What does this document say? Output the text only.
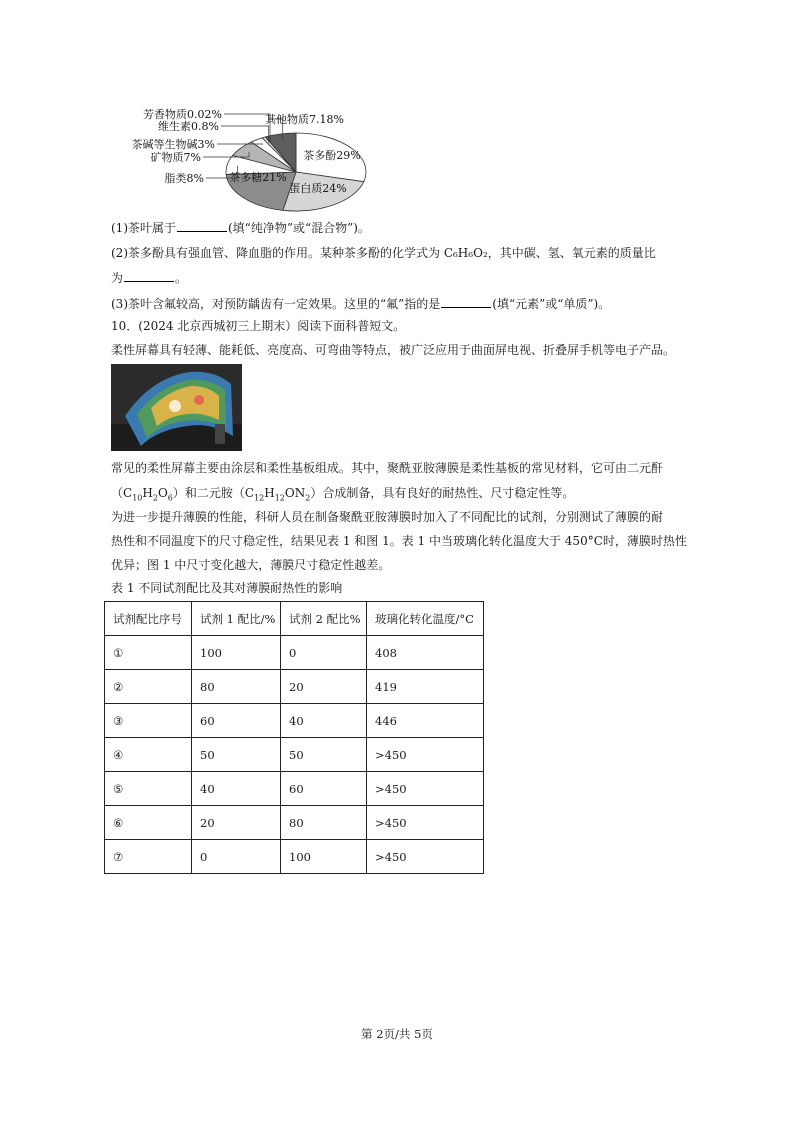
茶多酚29%
蛋白质24%
茶多糖21%
脂类8%
矿物质7%
茶碱等生物碱3%
维生素0.8%
芳香物质0.02%	其他物质7.18%
(1)茶叶属于	(填“纯净物”或“混合物”)。
(2)茶多酚具有强血管、降血脂的作用。某种茶多酚的化学式为 C₆H₆O₂，其中碳、氢、氧元素的质量比
为	。
(3)茶叶含氟较高，对预防龋齿有一定效果。这里的“氟”指的是	(填“元素”或“单质”)。
10．(2024 北京西城初三上期末）阅读下面科普短文。
柔性屏幕具有轻薄、能耗低、亮度高、可弯曲等特点，被广泛应用于曲面屏电视、折叠屏手机等电子产品。
常见的柔性屏幕主要由涂层和柔性基板组成。其中，聚酰亚胺薄膜是柔性基板的常见材料，它可由二元酐
$(C_{10}H_2O_6)$和二元胺$(C_{12}H_{12}ON_2)$合成制备，具有良好的耐热性、尺寸稳定性等。
为进一步提升薄膜的性能，科研人员在制备聚酰亚胺薄膜时加入了不同配比的试剂，分别测试了薄膜的耐
热性和不同温度下的尺寸稳定性，结果见表 1 和图 1。表 1 中当玻璃化转化温度大于 450°C时，薄膜时热性
优异；图 1 中尺寸变化越大，薄膜尺寸稳定性越差。
表 1 不同试剂配比及其对薄膜耐热性的影响
试剂配比序号	试剂 1 配比/%	试剂 2 配比%	玻璃化转化温度/°C
①	100	0	408
②	80	20	419
③	60	40	446
④	50	50	>450
⑤	40	60	>450
⑥	20	80	>450
⑦	0	100	>450
第 2页/共 5页
